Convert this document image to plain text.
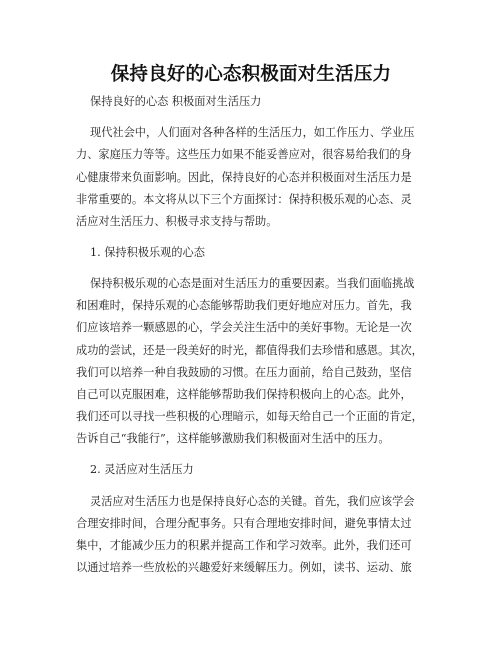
保持良好的心态积极面对生活压力
保持良好的心态 积极面对生活压力
现代社会中，人们面对各种各样的生活压力，如工作压力、学业压
力、家庭压力等等。这些压力如果不能妥善应对，很容易给我们的身
心健康带来负面影响。因此，保持良好的心态并积极面对生活压力是
非常重要的。本文将从以下三个方面探讨：保持积极乐观的心态、灵
活应对生活压力、积极寻求支持与帮助。
1. 保持积极乐观的心态
保持积极乐观的心态是面对生活压力的重要因素。当我们面临挑战
和困难时，保持乐观的心态能够帮助我们更好地应对压力。首先，我
们应该培养一颗感恩的心，学会关注生活中的美好事物。无论是一次
成功的尝试，还是一段美好的时光，都值得我们去珍惜和感恩。其次，
我们可以培养一种自我鼓励的习惯。在压力面前，给自己鼓劲，坚信
自己可以克服困难，这样能够帮助我们保持积极向上的心态。此外，
我们还可以寻找一些积极的心理暗示，如每天给自己一个正面的肯定，
告诉自己“我能行”，这样能够激励我们积极面对生活中的压力。
2. 灵活应对生活压力
灵活应对生活压力也是保持良好心态的关键。首先，我们应该学会
合理安排时间，合理分配事务。只有合理地安排时间，避免事情太过
集中，才能减少压力的积累并提高工作和学习效率。此外，我们还可
以通过培养一些放松的兴趣爱好来缓解压力。例如，读书、运动、旅
